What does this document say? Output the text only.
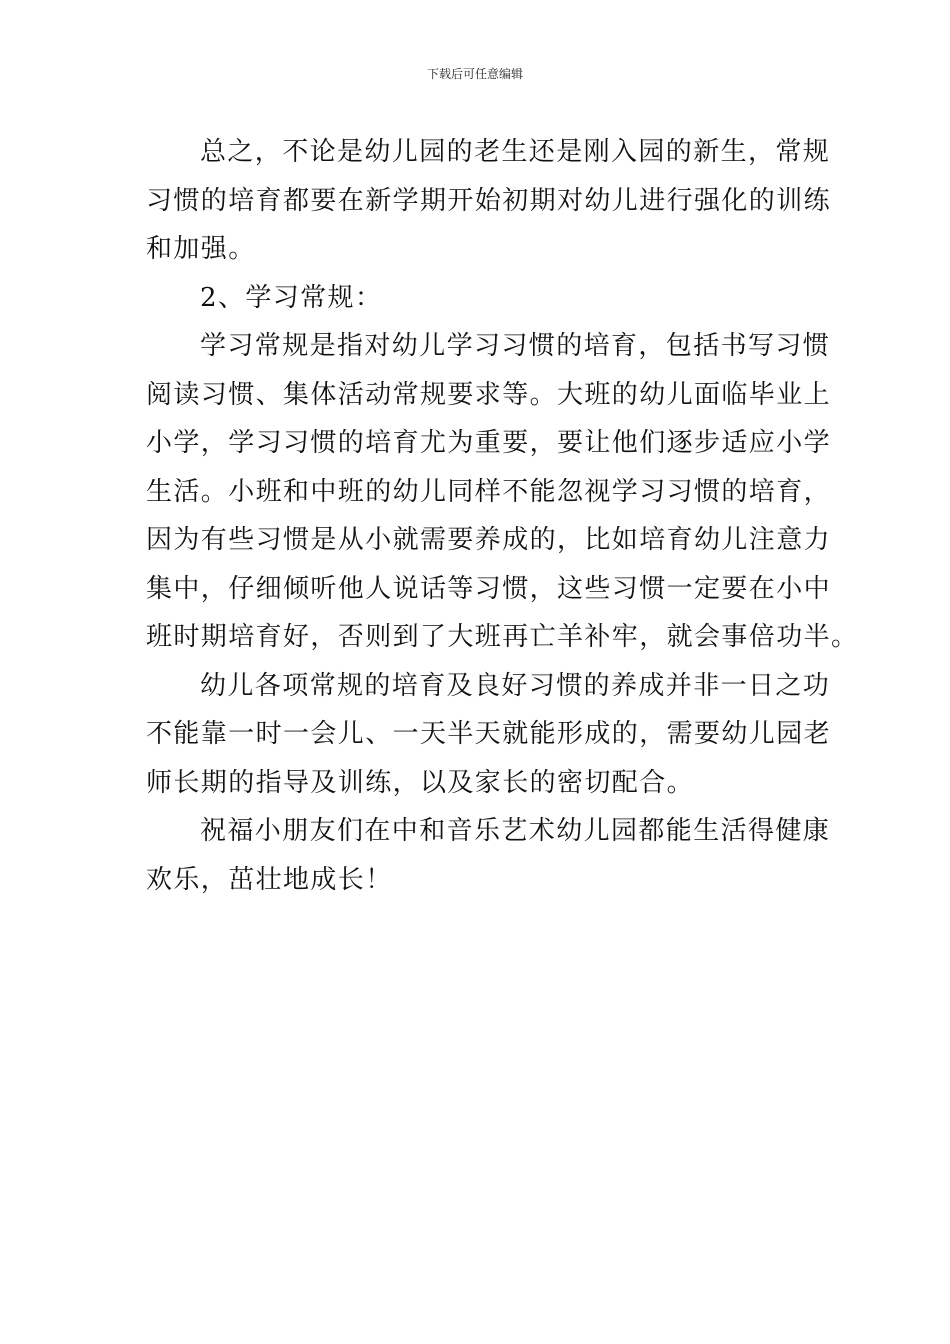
下载后可任意编辑

总之，不论是幼儿园的老生还是刚入园的新生，常规

习惯的培育都要在新学期开始初期对幼儿进行强化的训练

和加强。

2、学习常规：

学习常规是指对幼儿学习习惯的培育，包括书写习惯

阅读习惯、集体活动常规要求等。大班的幼儿面临毕业上

小学，学习习惯的培育尤为重要，要让他们逐步适应小学

生活。小班和中班的幼儿同样不能忽视学习习惯的培育，

因为有些习惯是从小就需要养成的，比如培育幼儿注意力

集中，仔细倾听他人说话等习惯，这些习惯一定要在小中

班时期培育好，否则到了大班再亡羊补牢，就会事倍功半。

幼儿各项常规的培育及良好习惯的养成并非一日之功

不能靠一时一会儿、一天半天就能形成的，需要幼儿园老

师长期的指导及训练，以及家长的密切配合。

祝福小朋友们在中和音乐艺术幼儿园都能生活得健康

欢乐，茁壮地成长！
